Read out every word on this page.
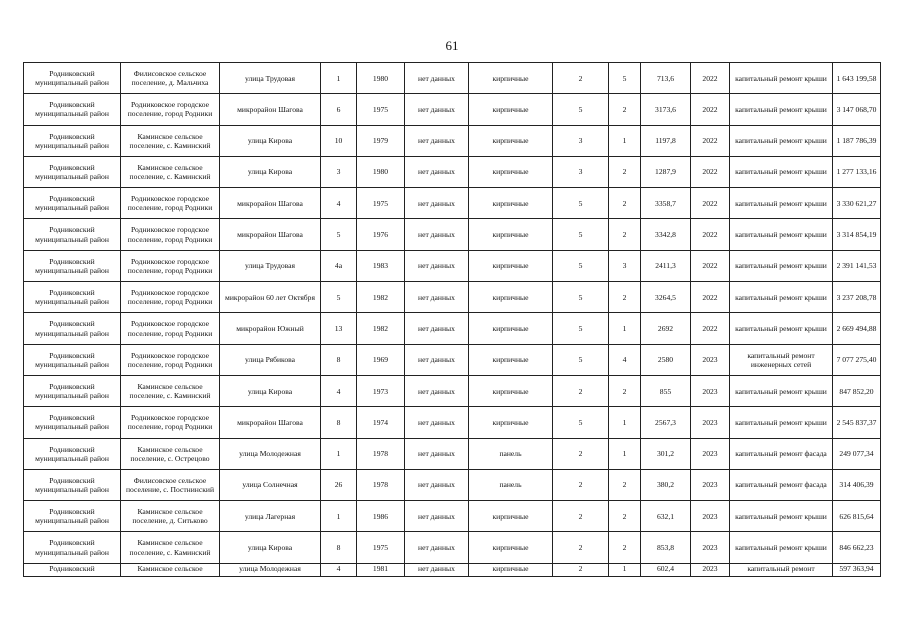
61
Родниковский муниципальный район	Филисовское сельское поселение, д. Мальчиха	улица Трудовая	1	1980	нет данных	кирпичные	2	5	713,6	2022	капитальный ремонт крыши	1 643 199,58
Родниковский муниципальный район	Родниковское городское поселение, город Родники	микрорайон Шагова	6	1975	нет данных	кирпичные	5	2	3173,6	2022	капитальный ремонт крыши	3 147 068,70
Родниковский муниципальный район	Каминское сельское поселение, с. Каминский	улица Кирова	10	1979	нет данных	кирпичные	3	1	1197,8	2022	капитальный ремонт крыши	1 187 786,39
Родниковский муниципальный район	Каминское сельское поселение, с. Каминский	улица Кирова	3	1980	нет данных	кирпичные	3	2	1287,9	2022	капитальный ремонт крыши	1 277 133,16
Родниковский муниципальный район	Родниковское городское поселение, город Родники	микрорайон Шагова	4	1975	нет данных	кирпичные	5	2	3358,7	2022	капитальный ремонт крыши	3 330 621,27
Родниковский муниципальный район	Родниковское городское поселение, город Родники	микрорайон Шагова	5	1976	нет данных	кирпичные	5	2	3342,8	2022	капитальный ремонт крыши	3 314 854,19
Родниковский муниципальный район	Родниковское городское поселение, город Родники	улица Трудовая	4а	1983	нет данных	кирпичные	5	3	2411,3	2022	капитальный ремонт крыши	2 391 141,53
Родниковский муниципальный район	Родниковское городское поселение, город Родники	микрорайон 60 лет Октября	5	1982	нет данных	кирпичные	5	2	3264,5	2022	капитальный ремонт крыши	3 237 208,78
Родниковский муниципальный район	Родниковское городское поселение, город Родники	микрорайон Южный	13	1982	нет данных	кирпичные	5	1	2692	2022	капитальный ремонт крыши	2 669 494,88
Родниковский муниципальный район	Родниковское городское поселение, город Родники	улица Рябикова	8	1969	нет данных	кирпичные	5	4	2580	2023	капитальный ремонт инженерных сетей	7 077 275,40
Родниковский муниципальный район	Каминское сельское поселение, с. Каминский	улица Кирова	4	1973	нет данных	кирпичные	2	2	855	2023	капитальный ремонт крыши	847 852,20
Родниковский муниципальный район	Родниковское городское поселение, город Родники	микрорайон Шагова	8	1974	нет данных	кирпичные	5	1	2567,3	2023	капитальный ремонт крыши	2 545 837,37
Родниковский муниципальный район	Каминское сельское поселение, с. Острецово	улица Молодежная	1	1978	нет данных	панель	2	1	301,2	2023	капитальный ремонт фасада	249 077,34
Родниковский муниципальный район	Филисовское сельское поселение, с. Постнинский	улица Солнечная	26	1978	нет данных	панель	2	2	380,2	2023	капитальный ремонт фасада	314 406,39
Родниковский муниципальный район	Каминское сельское поселение, д. Ситьково	улица Лагерная	1	1986	нет данных	кирпичные	2	2	632,1	2023	капитальный ремонт крыши	626 815,64
Родниковский муниципальный район	Каминское сельское поселение, с. Каминский	улица Кирова	8	1975	нет данных	кирпичные	2	2	853,8	2023	капитальный ремонт крыши	846 662,23
Родниковский	Каминское сельское	улица Молодежная	4	1981	нет данных	кирпичные	2	1	602,4	2023	капитальный ремонт	597 363,94
